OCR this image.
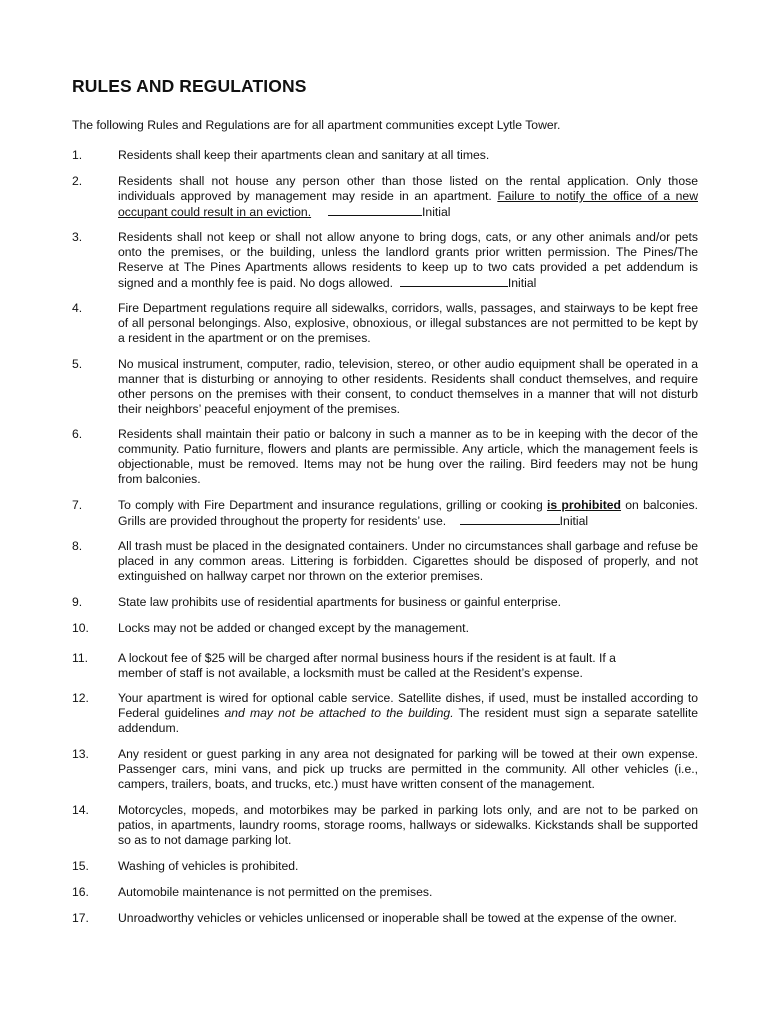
RULES AND REGULATIONS
The following Rules and Regulations are for all apartment communities except Lytle Tower.
1.	Residents shall keep their apartments clean and sanitary at all times.
2.	Residents shall not house any person other than those listed on the rental application. Only those individuals approved by management may reside in an apartment. Failure to notify the office of a new occupant could result in an eviction.	Initial
3.	Residents shall not keep or shall not allow anyone to bring dogs, cats, or any other animals and/or pets onto the premises, or the building, unless the landlord grants prior written permission. The Pines/The Reserve at The Pines Apartments allows residents to keep up to two cats provided a pet addendum is signed and a monthly fee is paid. No dogs allowed.	Initial
4.	Fire Department regulations require all sidewalks, corridors, walls, passages, and stairways to be kept free of all personal belongings. Also, explosive, obnoxious, or illegal substances are not permitted to be kept by a resident in the apartment or on the premises.
5.	No musical instrument, computer, radio, television, stereo, or other audio equipment shall be operated in a manner that is disturbing or annoying to other residents. Residents shall conduct themselves, and require other persons on the premises with their consent, to conduct themselves in a manner that will not disturb their neighbors’ peaceful enjoyment of the premises.
6.	Residents shall maintain their patio or balcony in such a manner as to be in keeping with the decor of the community. Patio furniture, flowers and plants are permissible. Any article, which the management feels is objectionable, must be removed. Items may not be hung over the railing. Bird feeders may not be hung from balconies.
7.	To comply with Fire Department and insurance regulations, grilling or cooking is prohibited on balconies. Grills are provided throughout the property for residents’ use.	Initial
8.	All trash must be placed in the designated containers. Under no circumstances shall garbage and refuse be placed in any common areas. Littering is forbidden. Cigarettes should be disposed of properly, and not extinguished on hallway carpet nor thrown on the exterior premises.
9.	State law prohibits use of residential apartments for business or gainful enterprise.
10.	Locks may not be added or changed except by the management.
11.	A lockout fee of $25 will be charged after normal business hours if the resident is at fault. If a
member of staff is not available, a locksmith must be called at the Resident’s expense.
12.	Your apartment is wired for optional cable service. Satellite dishes, if used, must be installed according to Federal guidelines and may not be attached to the building. The resident must sign a separate satellite addendum.
13.	Any resident or guest parking in any area not designated for parking will be towed at their own expense. Passenger cars, mini vans, and pick up trucks are permitted in the community. All other vehicles (i.e., campers, trailers, boats, and trucks, etc.) must have written consent of the management.
14.	Motorcycles, mopeds, and motorbikes may be parked in parking lots only, and are not to be parked on patios, in apartments, laundry rooms, storage rooms, hallways or sidewalks. Kickstands shall be supported so as to not damage parking lot.
15.	Washing of vehicles is prohibited.
16.	Automobile maintenance is not permitted on the premises.
17.	Unroadworthy vehicles or vehicles unlicensed or inoperable shall be towed at the expense of the owner.
